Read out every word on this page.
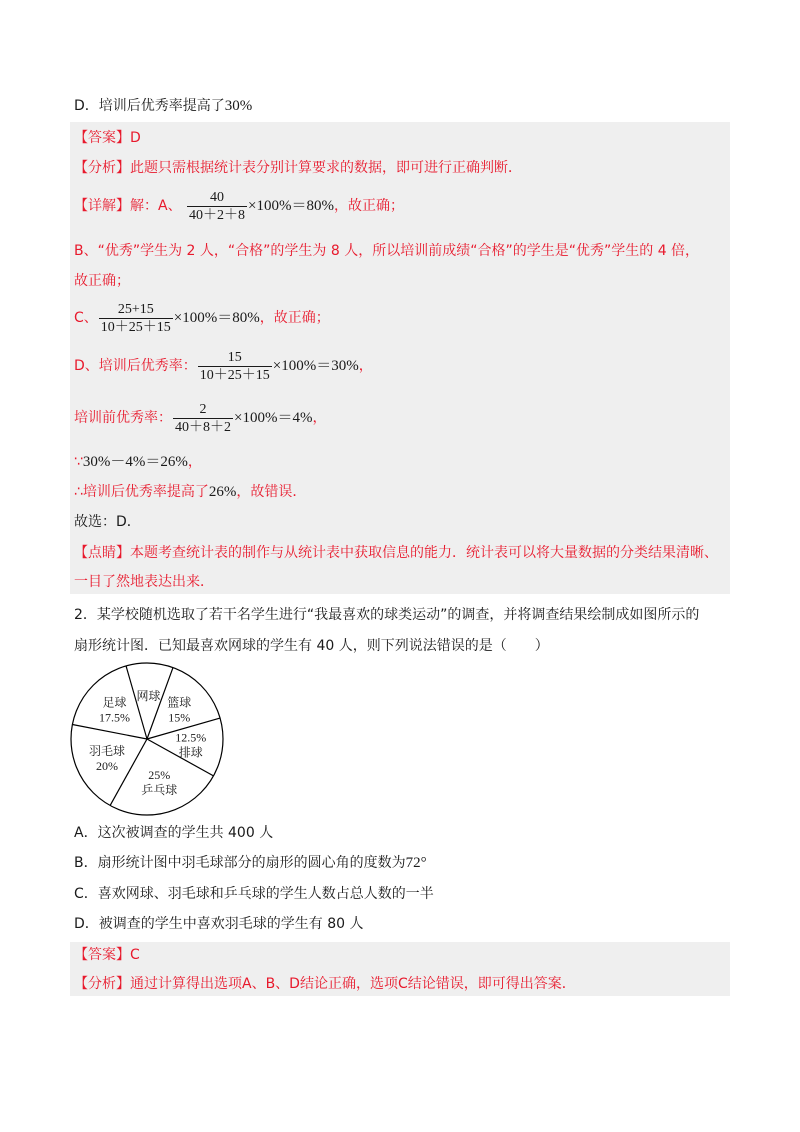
D．培训后优秀率提高了30%
【答案】D
【分析】此题只需根据统计表分别计算要求的数据，即可进行正确判断．
【详解】解：A、 $\frac{40}{40+2+8} \times 100\%=80\%$，故正确；
B、“优秀”学生为 2 人，“合格”的学生为 8 人，所以培训前成绩“合格”的学生是“优秀”学生的 4 倍，
故正确；
C、 $\frac{25+15}{10+25+15} \times 100\%=80\%$，故正确；
D、培训后优秀率： $\frac{15}{10+25+15} \times 100\%=30\%$，
培训前优秀率： $\frac{2}{40+8+2} \times 100\%=4\%$，
∵30%－4%＝26%，
∴培训后优秀率提高了26%，故错误．
故选：D．
【点睛】本题考查统计表的制作与从统计表中获取信息的能力．统计表可以将大量数据的分类结果清晰、
一目了然地表达出来．
2．某学校随机选取了若干名学生进行“我最喜欢的球类运动”的调查，并将调查结果绘制成如图所示的
扇形统计图．已知最喜欢网球的学生有 40 人，则下列说法错误的是（　　）
网球 篮球
15%
12.5%
排球
25%
乒乓球
羽毛球
20%
足球
17.5%
A．这次被调查的学生共 400 人
B．扇形统计图中羽毛球部分的扇形的圆心角的度数为72°
C．喜欢网球、羽毛球和乒乓球的学生人数占总人数的一半
D．被调查的学生中喜欢羽毛球的学生有 80 人
【答案】C
【分析】通过计算得出选项A、B、D结论正确，选项C结论错误，即可得出答案．
